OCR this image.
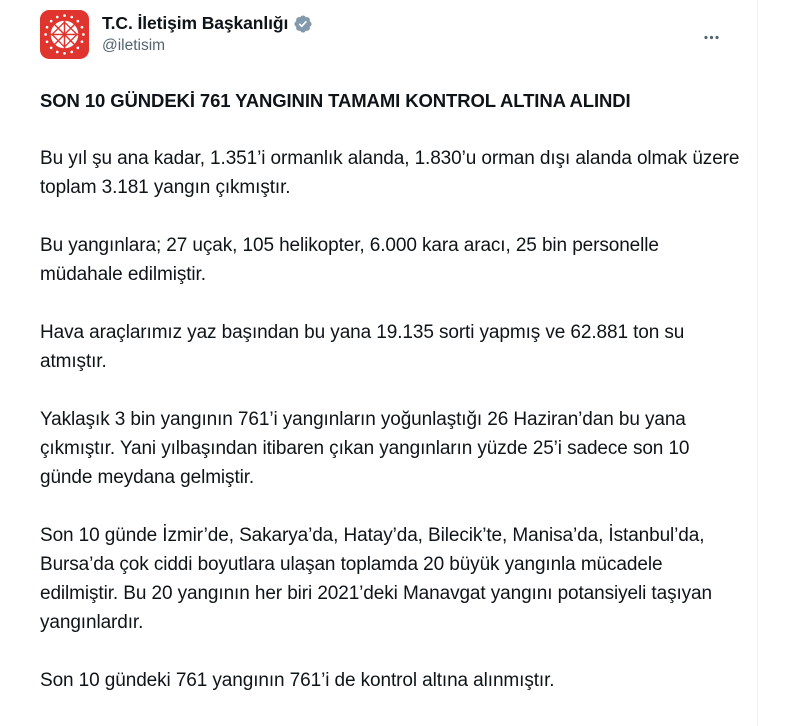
T.C. İletişim Başkanlığı
@iletisim

SON 10 GÜNDEKİ 761 YANGININ TAMAMI KONTROL ALTINA ALINDI

Bu yıl şu ana kadar, 1.351’i ormanlık alanda, 1.830’u orman dışı alanda olmak üzere toplam 3.181 yangın çıkmıştır.

Bu yangınlara; 27 uçak, 105 helikopter, 6.000 kara aracı, 25 bin personelle müdahale edilmiştir.

Hava araçlarımız yaz başından bu yana 19.135 sorti yapmış ve 62.881 ton su atmıştır.

Yaklaşık 3 bin yangının 761’i yangınların yoğunlaştığı 26 Haziran’dan bu yana çıkmıştır. Yani yılbaşından itibaren çıkan yangınların yüzde 25’i sadece son 10 günde meydana gelmiştir.

Son 10 günde İzmir’de, Sakarya’da, Hatay’da, Bilecik’te, Manisa’da, İstanbul’da, Bursa’da çok ciddi boyutlara ulaşan toplamda 20 büyük yangınla mücadele edilmiştir. Bu 20 yangının her biri 2021’deki Manavgat yangını potansiyeli taşıyan yangınlardır.

Son 10 gündeki 761 yangının 761’i de kontrol altına alınmıştır.
